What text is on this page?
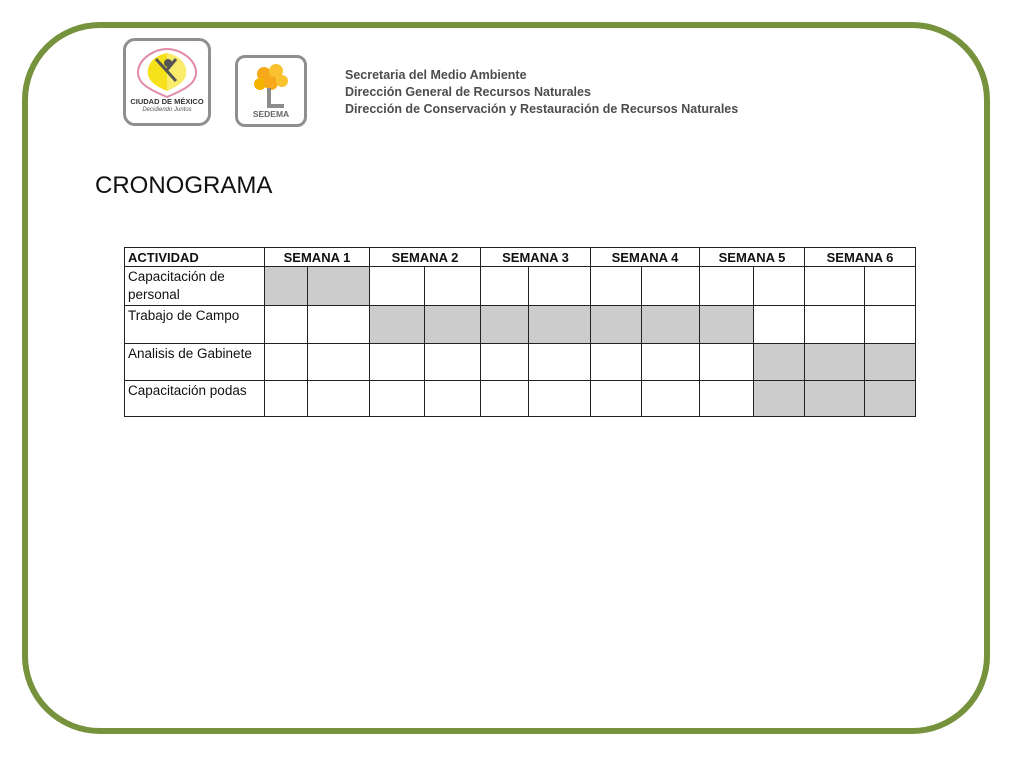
CIUDAD DE MÉXICO
Decidiendo Juntos	SEDEMA
Secretaria del Medio Ambiente
Dirección General de Recursos Naturales
Dirección de Conservación y Restauración de Recursos Naturales
CRONOGRAMA
ACTIVIDAD	SEMANA 1		SEMANA 2		SEMANA 3		SEMANA 4		SEMANA 5		SEMANA 6	
Capacitación de personal												
Trabajo de Campo												
Analisis de Gabinete												
Capacitación podas												
